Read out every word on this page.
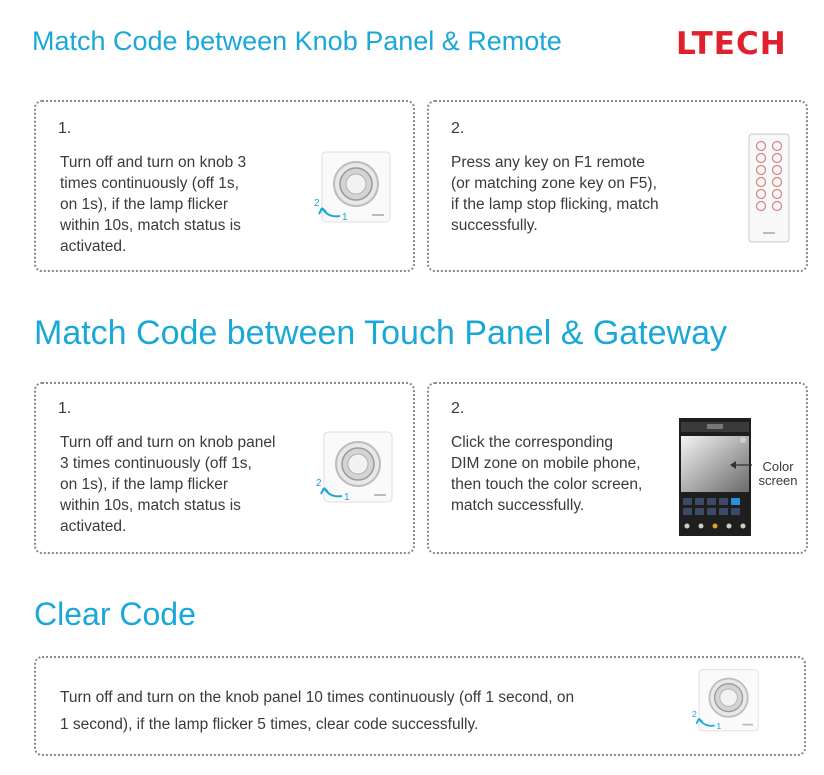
Match Code between Knob Panel & Remote	LTECH
1.
Turn off and turn on knob 3
times continuously (off 1s,
on 1s), if the lamp flicker
within 10s, match status is
activated.
2
1
2.
Press any key on F1 remote
(or matching zone key on F5),
if the lamp stop flicking, match
successfully.
Match Code between Touch Panel & Gateway
1.
Turn off and turn on knob panel
3 times continuously (off 1s,
on 1s), if the lamp flicker
within 10s, match status is
activated.
2
1
2.
Click the corresponding
DIM zone on mobile phone,
then touch the color screen,
match successfully.
Color
screen
Clear Code
Turn off and turn on the knob panel 10 times continuously (off 1 second, on
1 second), if the lamp flicker 5 times, clear code successfully.
2
1
